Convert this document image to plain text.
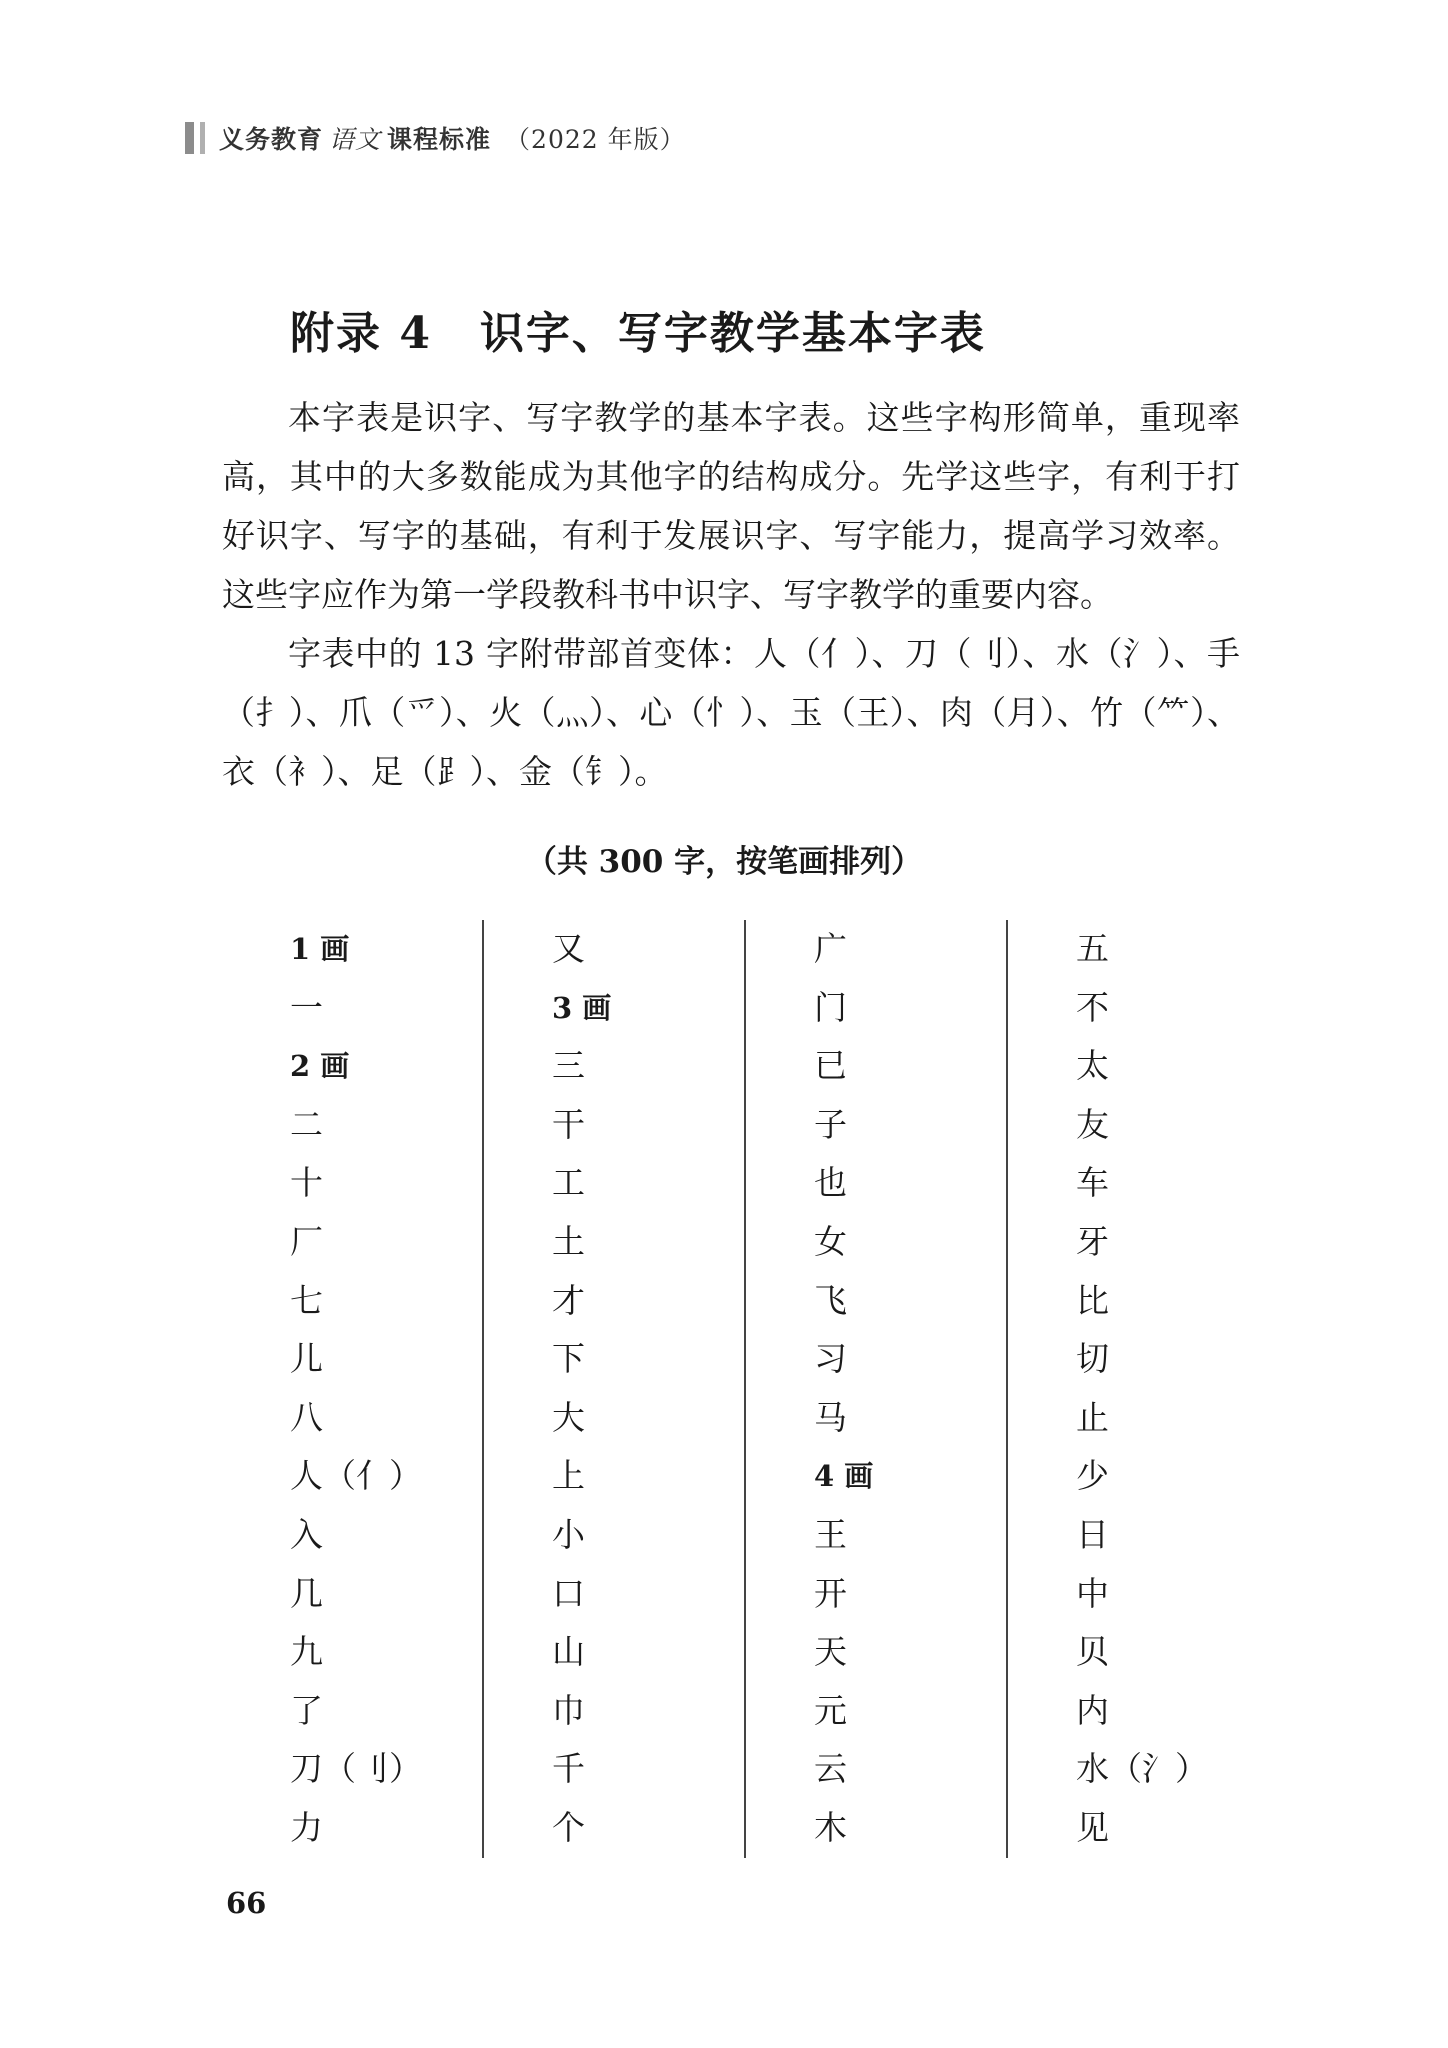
义务教育 语文 课程标准 （2022 年版）
附录 4 识字、写字教学基本字表

本字表是识字、写字教学的基本字表。这些字构形简单，重现率高，其中的大多数能成为其他字的结构成分。先学这些字，有利于打好识字、写字的基础，有利于发展识字、写字能力，提高学习效率。这些字应作为第一学段教科书中识字、写字教学的重要内容。

字表中的 13 字附带部首变体：人（亻）、刀（刂）、水（氵）、手（扌）、爪（爫）、火（灬）、心（忄）、玉（王）、肉（月）、竹（⺮）、衣（衤）、足（⻊）、金（钅）。

（共 300 字，按笔画排列）
1 画
一
2 画
二
十
厂
七
儿
八
人（亻）
入
几
九
了
刀（刂）
力
又
3 画
三
干
工
土
才
下
大
上
小
口
山
巾
千
个
广
门
已
子
也
女
飞
习
马
4 画
王
开
天
元
云
木
五
不
太
友
车
牙
比
切
止
少
日
中
贝
内
水（氵）
见
66
